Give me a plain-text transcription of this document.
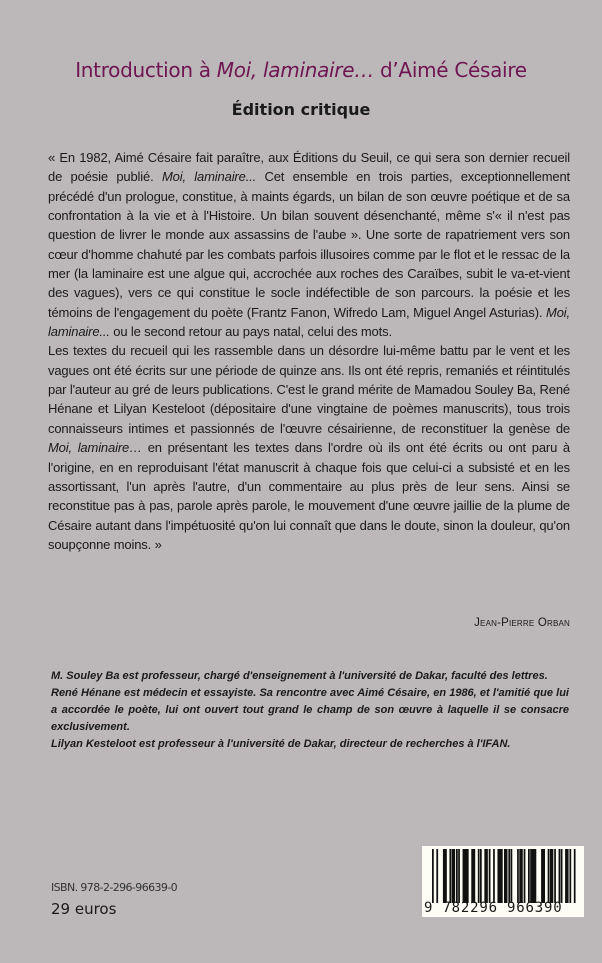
Introduction à Moi, laminaire… d’Aimé Césaire
Édition critique

« En 1982, Aimé Césaire fait paraître, aux Éditions du Seuil, ce qui sera son dernier recueil de poésie publié. Moi, laminaire... Cet ensemble en trois parties, exceptionnellement précédé d'un prologue, constitue, à maints égards, un bilan de son œuvre poétique et de sa confrontation à la vie et à l'Histoire. Un bilan souvent désenchanté, même s'« il n'est pas question de livrer le monde aux assassins de l'aube ». Une sorte de rapatriement vers son cœur d'homme chahuté par les combats parfois illusoires comme par le flot et le ressac de la mer (la laminaire est une algue qui, accrochée aux roches des Caraïbes, subit le va-et-vient des vagues), vers ce qui constitue le socle indéfectible de son parcours. la poésie et les témoins de l'engagement du poète (Frantz Fanon, Wifredo Lam, Miguel Angel Asturias). Moi, laminaire... ou le second retour au pays natal, celui des mots.

Les textes du recueil qui les rassemble dans un désordre lui-même battu par le vent et les vagues ont été écrits sur une période de quinze ans. Ils ont été repris, remaniés et réintitulés par l'auteur au gré de leurs publications. C'est le grand mérite de Mamadou Souley Ba, René Hénane et Lilyan Kesteloot (dépositaire d'une vingtaine de poèmes manuscrits), tous trois connaisseurs intimes et passionnés de l'œuvre césairienne, de reconstituer la genèse de Moi, laminaire… en présentant les textes dans l'ordre où ils ont été écrits ou ont paru à l'origine, en en reproduisant l'état manuscrit à chaque fois que celui-ci a subsisté et en les assortissant, l'un après l'autre, d'un commentaire au plus près de leur sens. Ainsi se reconstitue pas à pas, parole après parole, le mouvement d'une œuvre jaillie de la plume de Césaire autant dans l'impétuosité qu'on lui connaît que dans le doute, sinon la douleur, qu'on soupçonne moins. »

Jean-Pierre Orban

M. Souley Ba est professeur, chargé d'enseignement à l'université de Dakar, faculté des lettres.

René Hénane est médecin et essayiste. Sa rencontre avec Aimé Césaire, en 1986, et l'amitié que lui a accordée le poète, lui ont ouvert tout grand le champ de son œuvre à laquelle il se consacre exclusivement.

Lilyan Kesteloot est professeur à l'université de Dakar, directeur de recherches à l'IFAN.

ISBN. 978-2-296-96639-0
29 euros	9 782296 966390
